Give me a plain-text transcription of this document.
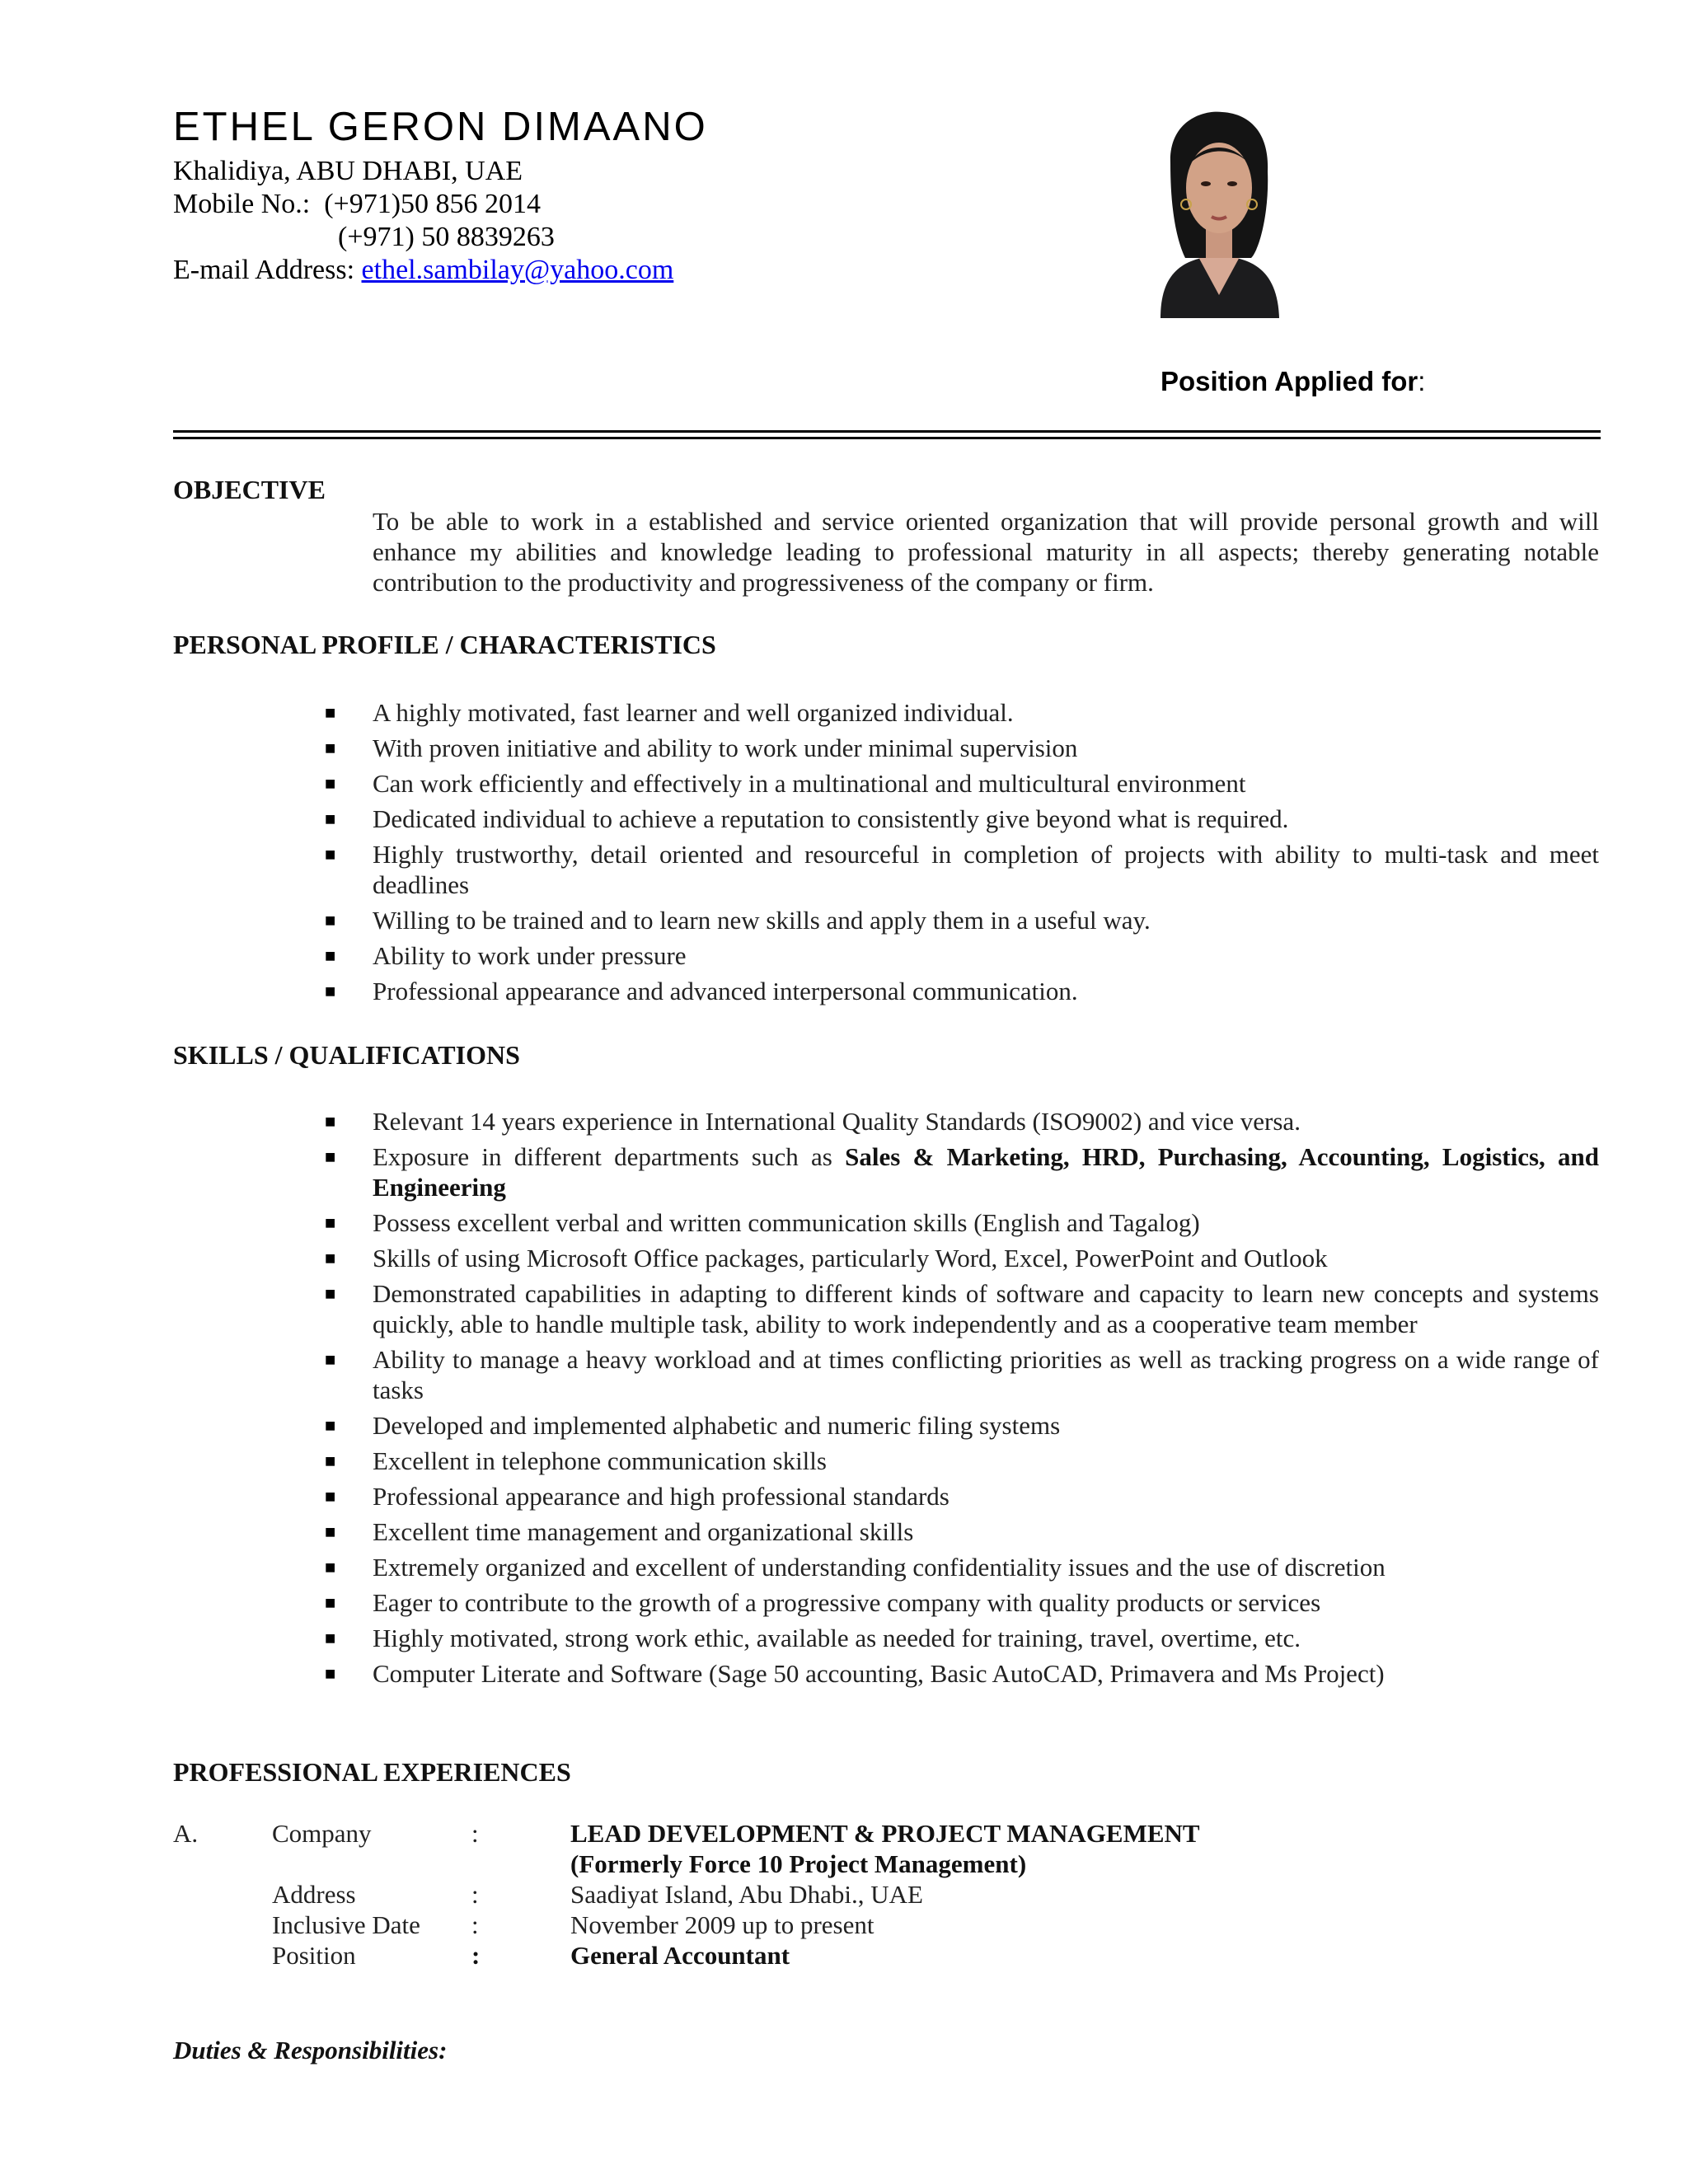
ETHEL GERON DIMAANO
Khalidiya, ABU DHABI, UAE
Mobile No.: (+971)50 856 2014
(+971) 50 8839263
E-mail Address: ethel.sambilay@yahoo.com
Position Applied for:
OBJECTIVE
To be able to work in a established and service oriented organization that will provide personal growth and will enhance my abilities and knowledge leading to professional maturity in all aspects; thereby generating notable contribution to the productivity and progressiveness of the company or firm.
PERSONAL PROFILE / CHARACTERISTICS
■ A highly motivated, fast learner and well organized individual.
■ With proven initiative and ability to work under minimal supervision
■ Can work efficiently and effectively in a multinational and multicultural environment
■ Dedicated individual to achieve a reputation to consistently give beyond what is required.
■ Highly trustworthy, detail oriented and resourceful in completion of projects with ability to multi-task and meet deadlines
■ Willing to be trained and to learn new skills and apply them in a useful way.
■ Ability to work under pressure
■ Professional appearance and advanced interpersonal communication.
SKILLS / QUALIFICATIONS
■ Relevant 14 years experience in International Quality Standards (ISO9002) and vice versa.
■ Exposure in different departments such as Sales & Marketing, HRD, Purchasing, Accounting, Logistics, and Engineering
■ Possess excellent verbal and written communication skills (English and Tagalog)
■ Skills of using Microsoft Office packages, particularly Word, Excel, PowerPoint and Outlook
■ Demonstrated capabilities in adapting to different kinds of software and capacity to learn new concepts and systems quickly, able to handle multiple task, ability to work independently and as a cooperative team member
■ Ability to manage a heavy workload and at times conflicting priorities as well as tracking progress on a wide range of tasks
■ Developed and implemented alphabetic and numeric filing systems
■ Excellent in telephone communication skills
■ Professional appearance and high professional standards
■ Excellent time management and organizational skills
■ Extremely organized and excellent of understanding confidentiality issues and the use of discretion
■ Eager to contribute to the growth of a progressive company with quality products or services
■ Highly motivated, strong work ethic, available as needed for training, travel, overtime, etc.
■ Computer Literate and Software (Sage 50 accounting, Basic AutoCAD, Primavera and Ms Project)
PROFESSIONAL EXPERIENCES
A.	Company	:	LEAD DEVELOPMENT & PROJECT MANAGEMENT
(Formerly Force 10 Project Management)
Address	:	Saadiyat Island, Abu Dhabi., UAE
Inclusive Date :	November 2009 up to present
Position	:	General Accountant
Duties & Responsibilities:
